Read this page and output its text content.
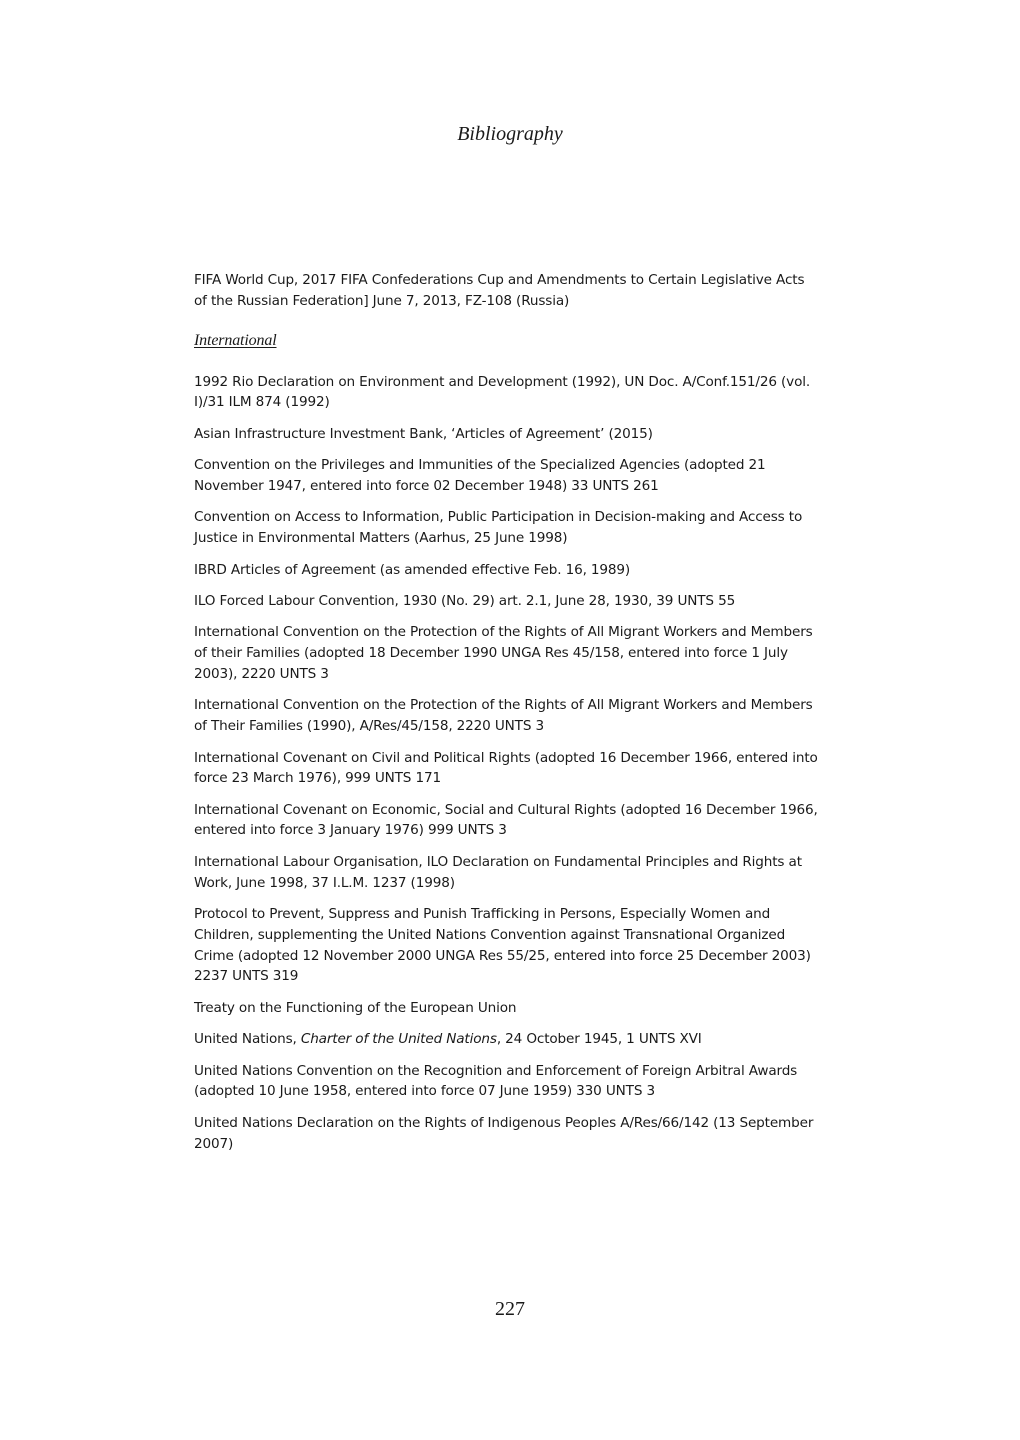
Bibliography

FIFA World Cup, 2017 FIFA Confederations Cup and Amendments to Certain Legislative Acts of the Russian Federation] June 7, 2013, FZ-108 (Russia)

International

1992 Rio Declaration on Environment and Development (1992), UN Doc. A/Conf.151/26 (vol. I)/31 ILM 874 (1992)

Asian Infrastructure Investment Bank, ‘Articles of Agreement’ (2015)

Convention on the Privileges and Immunities of the Specialized Agencies (adopted 21 November 1947, entered into force 02 December 1948) 33 UNTS 261

Convention on Access to Information, Public Participation in Decision-making and Access to Justice in Environmental Matters (Aarhus, 25 June 1998)

IBRD Articles of Agreement (as amended effective Feb. 16, 1989)

ILO Forced Labour Convention, 1930 (No. 29) art. 2.1, June 28, 1930, 39 UNTS 55

International Convention on the Protection of the Rights of All Migrant Workers and Members of their Families (adopted 18 December 1990 UNGA Res 45/158, entered into force 1 July 2003), 2220 UNTS 3

International Convention on the Protection of the Rights of All Migrant Workers and Members of Their Families (1990), A/Res/45/158, 2220 UNTS 3

International Covenant on Civil and Political Rights (adopted 16 December 1966, entered into force 23 March 1976), 999 UNTS 171

International Covenant on Economic, Social and Cultural Rights (adopted 16 December 1966, entered into force 3 January 1976) 999 UNTS 3

International Labour Organisation, ILO Declaration on Fundamental Principles and Rights at Work, June 1998, 37 I.L.M. 1237 (1998)

Protocol to Prevent, Suppress and Punish Trafficking in Persons, Especially Women and Children, supplementing the United Nations Convention against Transnational Organized Crime (adopted 12 November 2000 UNGA Res 55/25, entered into force 25 December 2003) 2237 UNTS 319

Treaty on the Functioning of the European Union

United Nations, Charter of the United Nations, 24 October 1945, 1 UNTS XVI

United Nations Convention on the Recognition and Enforcement of Foreign Arbitral Awards (adopted 10 June 1958, entered into force 07 June 1959) 330 UNTS 3

United Nations Declaration on the Rights of Indigenous Peoples A/Res/66/142 (13 September 2007)

227
